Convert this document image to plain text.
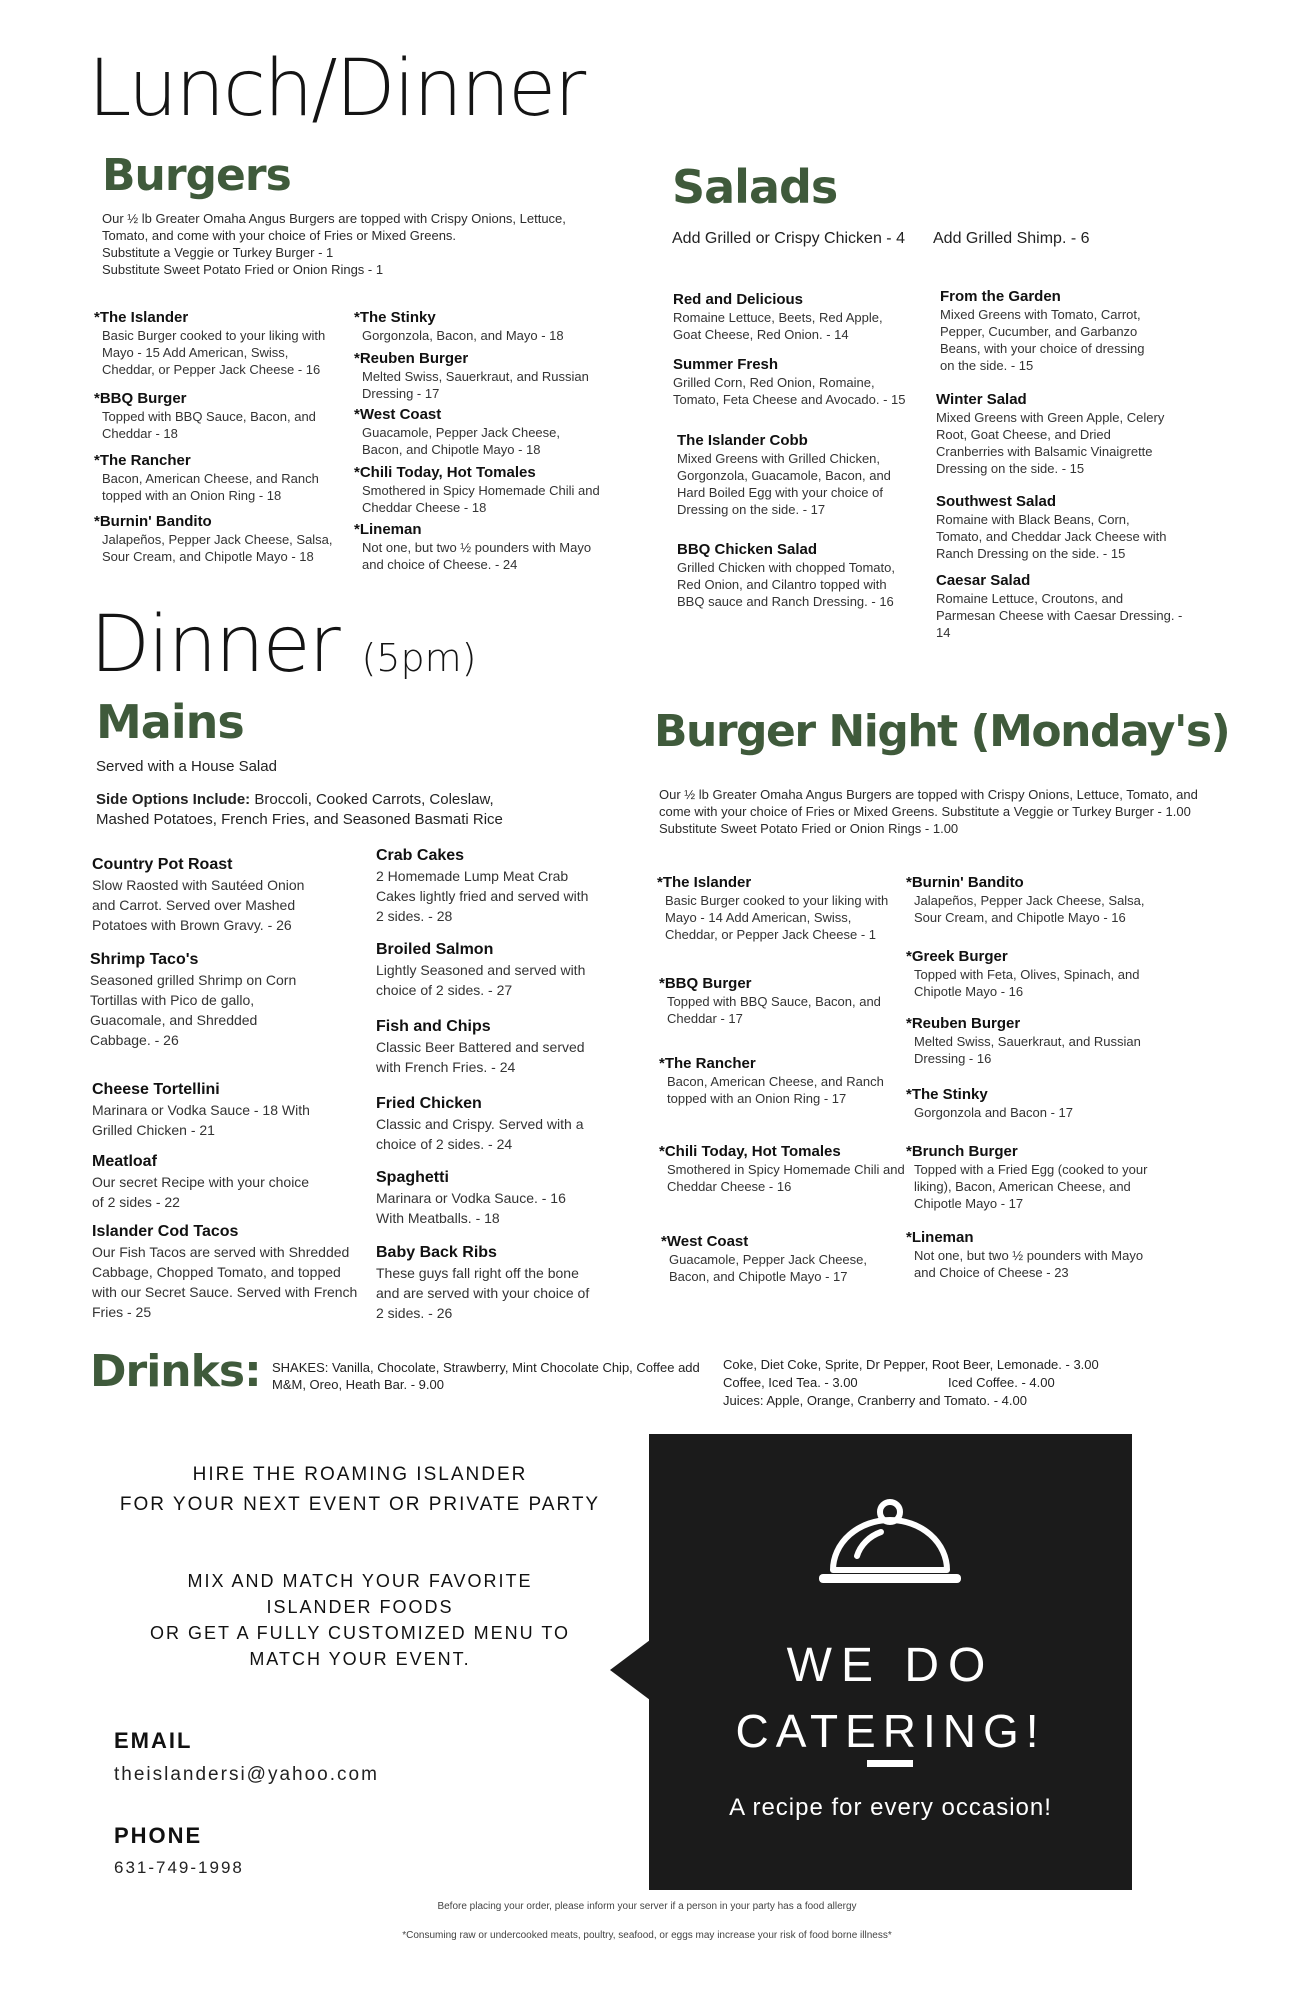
Lunch/Dinner
Burgers

Our ½ lb Greater Omaha Angus Burgers are topped with Crispy Onions, Lettuce,

Tomato, and come with your choice of Fries or Mixed Greens.

Substitute a Veggie or Turkey Burger - 1

Substitute Sweet Potato Fried or Onion Rings - 1

*The Islander
Basic Burger cooked to your liking with Mayo - 15 Add American, Swiss, Cheddar, or Pepper Jack Cheese - 16
*BBQ Burger
Topped with BBQ Sauce, Bacon, and Cheddar - 18
*The Rancher
Bacon, American Cheese, and Ranch topped with an Onion Ring - 18
*Burnin' Bandito
Jalapeños, Pepper Jack Cheese, Salsa, Sour Cream, and Chipotle Mayo - 18
*The Stinky
Gorgonzola, Bacon, and Mayo - 18
*Reuben Burger
Melted Swiss, Sauerkraut, and Russian Dressing - 17
*West Coast
Guacamole, Pepper Jack Cheese, Bacon, and Chipotle Mayo - 18
*Chili Today, Hot Tomales
Smothered in Spicy Homemade Chili and Cheddar Cheese - 18
*Lineman
Not one, but two ½ pounders with Mayo and choice of Cheese. - 24
Salads
Add Grilled or Crispy Chicken - 4 Add Grilled Shimp. - 6
Red and Delicious
Romaine Lettuce, Beets, Red Apple, Goat Cheese, Red Onion. - 14
Summer Fresh
Grilled Corn, Red Onion, Romaine, Tomato, Feta Cheese and Avocado. - 15
The Islander Cobb
Mixed Greens with Grilled Chicken, Gorgonzola, Guacamole, Bacon, and Hard Boiled Egg with your choice of Dressing on the side. - 17
BBQ Chicken Salad
Grilled Chicken with chopped Tomato, Red Onion, and Cilantro topped with BBQ sauce and Ranch Dressing. - 16
From the Garden
Mixed Greens with Tomato, Carrot, Pepper, Cucumber, and Garbanzo Beans, with your choice of dressing on the side. - 15
Winter Salad
Mixed Greens with Green Apple, Celery Root, Goat Cheese, and Dried Cranberries with Balsamic Vinaigrette Dressing on the side. - 15
Southwest Salad
Romaine with Black Beans, Corn, Tomato, and Cheddar Jack Cheese with Ranch Dressing on the side. - 15
Caesar Salad
Romaine Lettuce, Croutons, and Parmesan Cheese with Caesar Dressing. - 14
Dinner (5pm)
Mains
Served with a House Salad
Side Options Include: Broccoli, Cooked Carrots, Coleslaw, Mashed Potatoes, French Fries, and Seasoned Basmati Rice
Country Pot Roast
Slow Raosted with Sautéed Onion and Carrot. Served over Mashed Potatoes with Brown Gravy. - 26
Shrimp Taco's
Seasoned grilled Shrimp on Corn Tortillas with Pico de gallo, Guacomale, and Shredded Cabbage. - 26
Cheese Tortellini
Marinara or Vodka Sauce - 18 With Grilled Chicken - 21
Meatloaf
Our secret Recipe with your choice of 2 sides - 22
Islander Cod Tacos
Our Fish Tacos are served with Shredded Cabbage, Chopped Tomato, and topped with our Secret Sauce. Served with French Fries - 25
Crab Cakes
2 Homemade Lump Meat Crab Cakes lightly fried and served with 2 sides. - 28
Broiled Salmon
Lightly Seasoned and served with choice of 2 sides. - 27
Fish and Chips
Classic Beer Battered and served with French Fries. - 24
Fried Chicken
Classic and Crispy. Served with a choice of 2 sides. - 24
Spaghetti
Marinara or Vodka Sauce. - 16 With Meatballs. - 18
Baby Back Ribs
These guys fall right off the bone and are served with your choice of 2 sides. - 26
Burger Night (Monday's)

Our ½ lb Greater Omaha Angus Burgers are topped with Crispy Onions, Lettuce, Tomato, and

come with your choice of Fries or Mixed Greens. Substitute a Veggie or Turkey Burger - 1.00

Substitute Sweet Potato Fried or Onion Rings - 1.00

*The Islander
Basic Burger cooked to your liking with Mayo - 14 Add American, Swiss, Cheddar, or Pepper Jack Cheese - 1
*BBQ Burger
Topped with BBQ Sauce, Bacon, and Cheddar - 17
*The Rancher
Bacon, American Cheese, and Ranch topped with an Onion Ring - 17
*Chili Today, Hot Tomales
Smothered in Spicy Homemade Chili and Cheddar Cheese - 16
*West Coast
Guacamole, Pepper Jack Cheese, Bacon, and Chipotle Mayo - 17
*Burnin' Bandito
Jalapeños, Pepper Jack Cheese, Salsa, Sour Cream, and Chipotle Mayo - 16
*Greek Burger
Topped with Feta, Olives, Spinach, and Chipotle Mayo - 16
*Reuben Burger
Melted Swiss, Sauerkraut, and Russian Dressing - 16
*The Stinky
Gorgonzola and Bacon - 17
*Brunch Burger
Topped with a Fried Egg (cooked to your liking), Bacon, American Cheese, and Chipotle Mayo - 17
*Lineman
Not one, but two ½ pounders with Mayo and Choice of Cheese - 23
Drinks: SHAKES: Vanilla, Chocolate, Strawberry, Mint Chocolate Chip, Coffee add M&M, Oreo, Heath Bar. - 9.00
Coke, Diet Coke, Sprite, Dr Pepper, Root Beer, Lemonade. - 3.00
Coffee, Iced Tea. - 3.00	Iced Coffee. - 4.00
Juices: Apple, Orange, Cranberry and Tomato. - 4.00
HIRE THE ROAMING ISLANDER
FOR YOUR NEXT EVENT OR PRIVATE PARTY
MIX AND MATCH YOUR FAVORITE
ISLANDER FOODS
OR GET A FULLY CUSTOMIZED MENU TO
MATCH YOUR EVENT.
EMAIL
theislandersi@yahoo.com
PHONE
631-749-1998
WE DO
CATERING!
A recipe for every occasion!
Before placing your order, please inform your server if a person in your party has a food allergy
*Consuming raw or undercooked meats, poultry, seafood, or eggs may increase your risk of food borne illness*
